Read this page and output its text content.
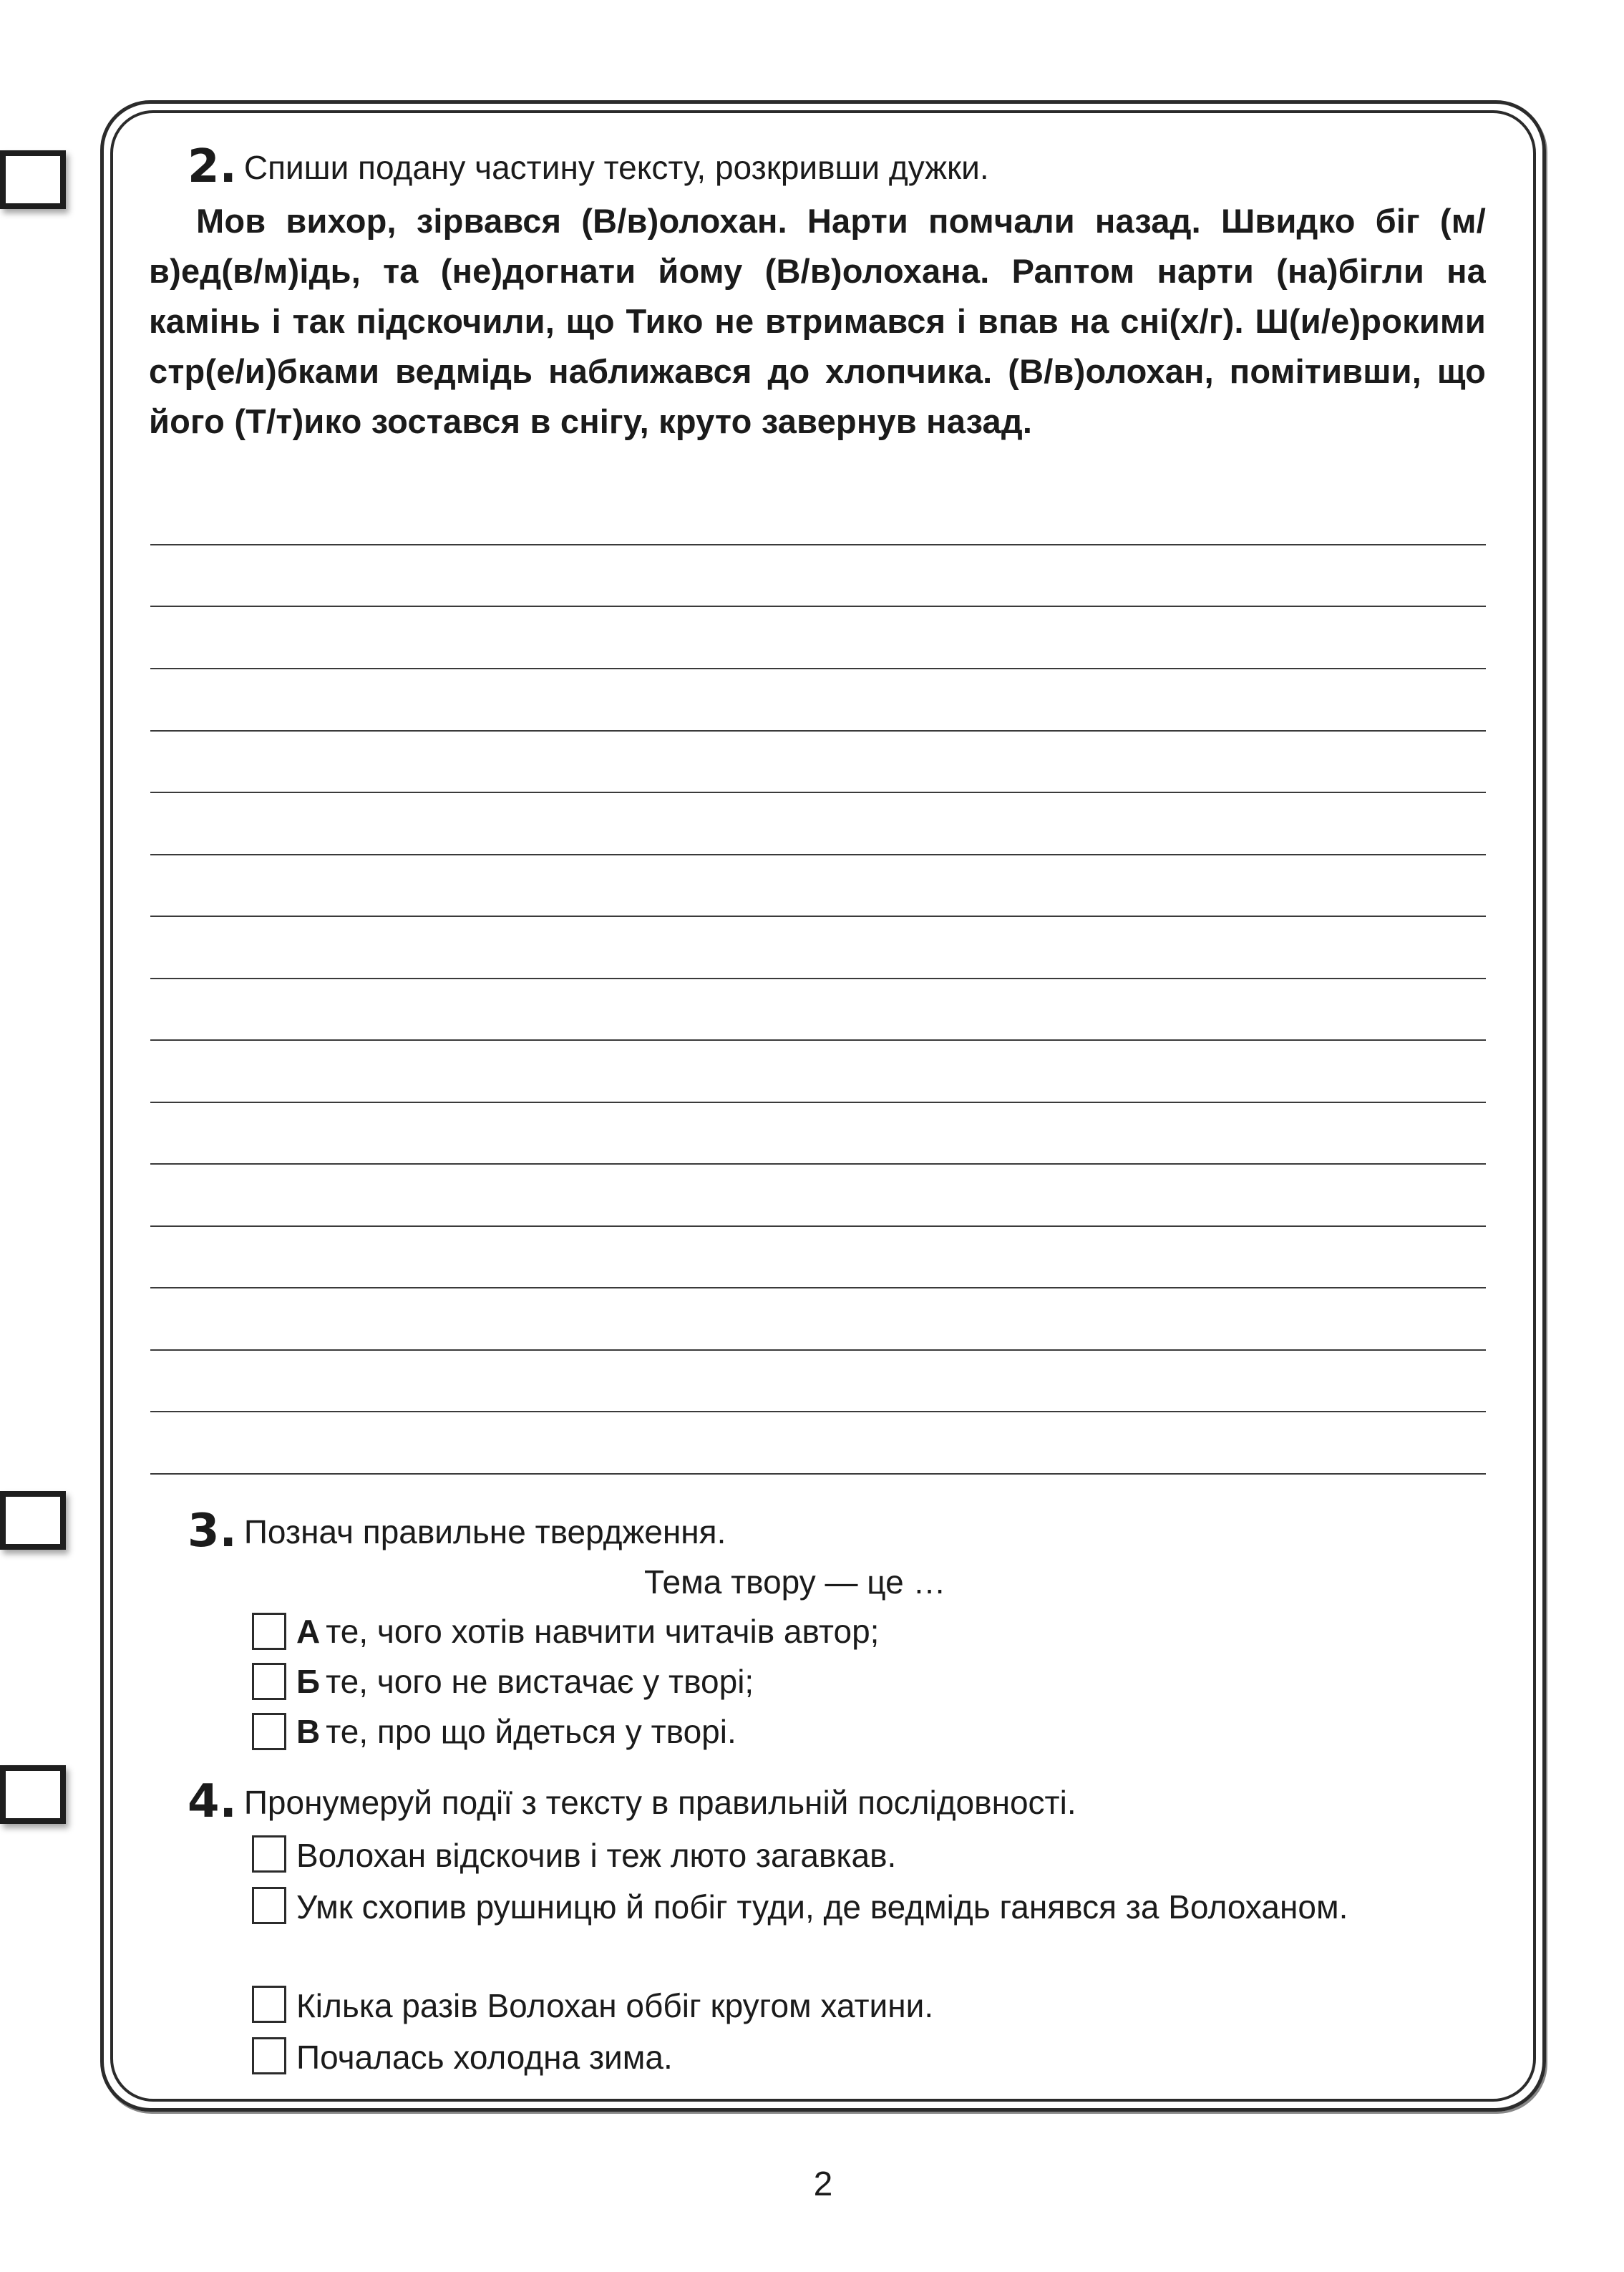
2. Спиши подану частину тексту, розкривши дужки.

Мов вихор, зірвався (В/в)олохан. Нарти помчали назад. Швидко біг (м/в)ед(в/м)ідь, та (не)догнати йому (В/в)олохана. Раптом нарти (на)бігли на камінь і так підскочили, що Тико не втримався і впав на сні(х/г). Ш(и/е)рокими стр(е/и)бками ведмідь наближався до хлопчика. (В/в)олохан, помітивши, що його (Т/т)ико зостався в снігу, круто завернув назад.

3. Познач правильне твердження.
Тема твору — це …
А те, чого хотів навчити читачів автор;
Б те, чого не вистачає у творі;
В те, про що йдеться у творі.
4. Пронумеруй події з тексту в правильній послідовності.
Волохан відскочив і теж люто загавкав.
Умк схопив рушницю й побіг туди, де ведмідь ганявся за Волоханом.
Кілька разів Волохан оббіг кругом хатини.
Почалась холодна зима.
2
